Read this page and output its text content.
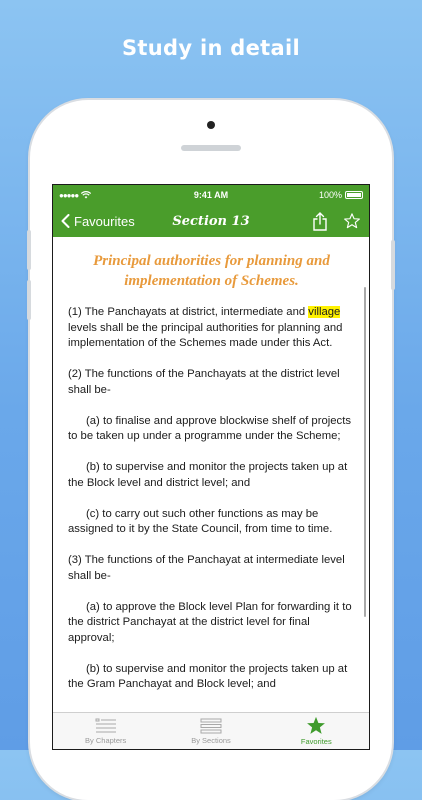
Study in detail
●●●●●	9:41 AM	100%
Favourites	Section 13
Principal authorities for planning and implementation of Schemes.

(1) The Panchayats at district, intermediate and village levels shall be the principal authorities for planning and implementation of the Schemes made under this Act.

(2) The functions of the Panchayats at the district level shall be-

(a) to finalise and approve blockwise shelf of projects to be taken up under a programme under the Scheme;

(b) to supervise and monitor the projects taken up at the Block level and district level; and

(c) to carry out such other functions as may be assigned to it by the State Council, from time to time.

(3) The functions of the Panchayat at intermediate level shall be-

(a) to approve the Block level Plan for forwarding it to the district Panchayat at the district level for final approval;

(b) to supervise and monitor the projects taken up at the Gram Panchayat and Block level; and

By Chapters	By Sections	Favorites
